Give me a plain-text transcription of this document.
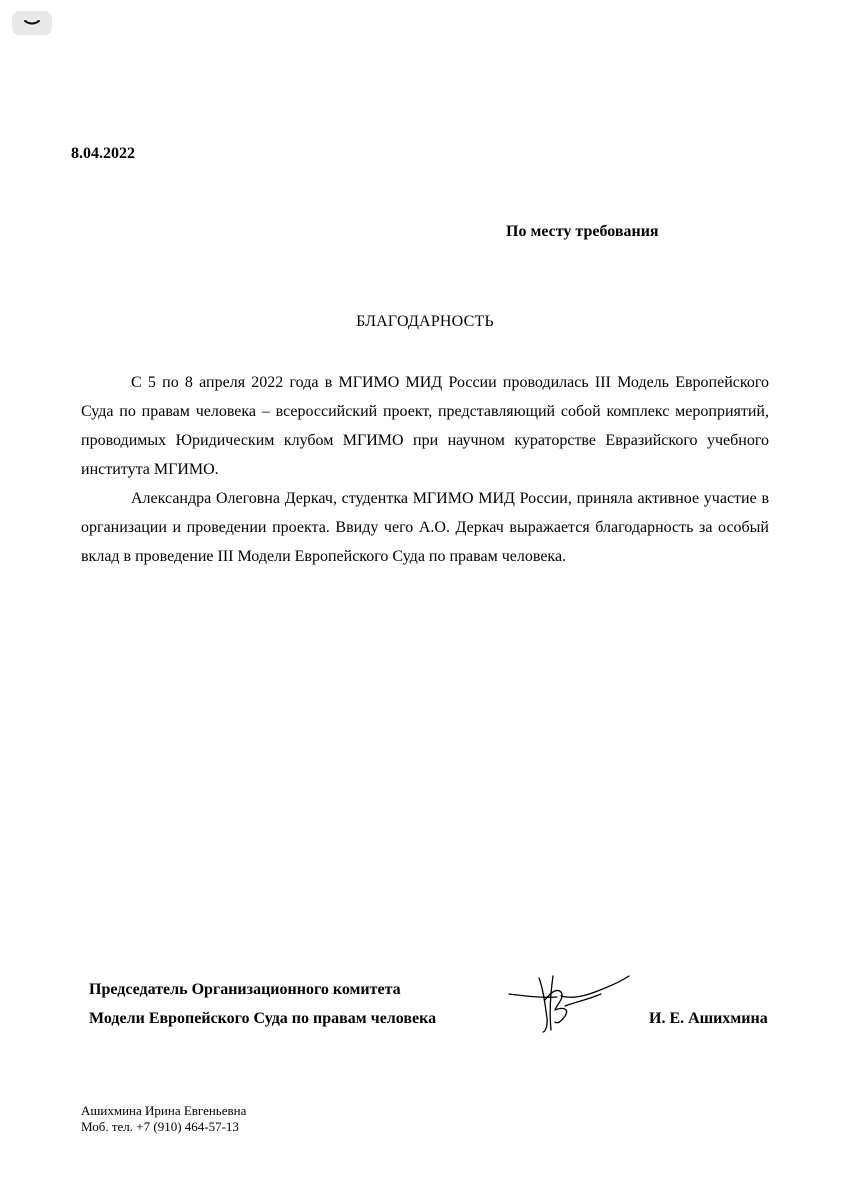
8.04.2022
По месту требования
БЛАГОДАРНОСТЬ

С 5 по 8 апреля 2022 года в МГИМО МИД России проводилась III Модель Европейского Суда по правам человека – всероссийский проект, представляющий собой комплекс мероприятий, проводимых Юридическим клубом МГИМО при научном кураторстве Евразийского учебного института МГИМО.

Александра Олеговна Деркач, студентка МГИМО МИД России, приняла активное участие в организации и проведении проекта. Ввиду чего А.О. Деркач выражается благодарность за особый вклад в проведение III Модели Европейского Суда по правам человека.

Председатель Организационного комитета
Модели Европейского Суда по правам человека	И. Е. Ашихмина
Ашихмина Ирина Евгеньевна
Моб. тел. +7 (910) 464-57-13
